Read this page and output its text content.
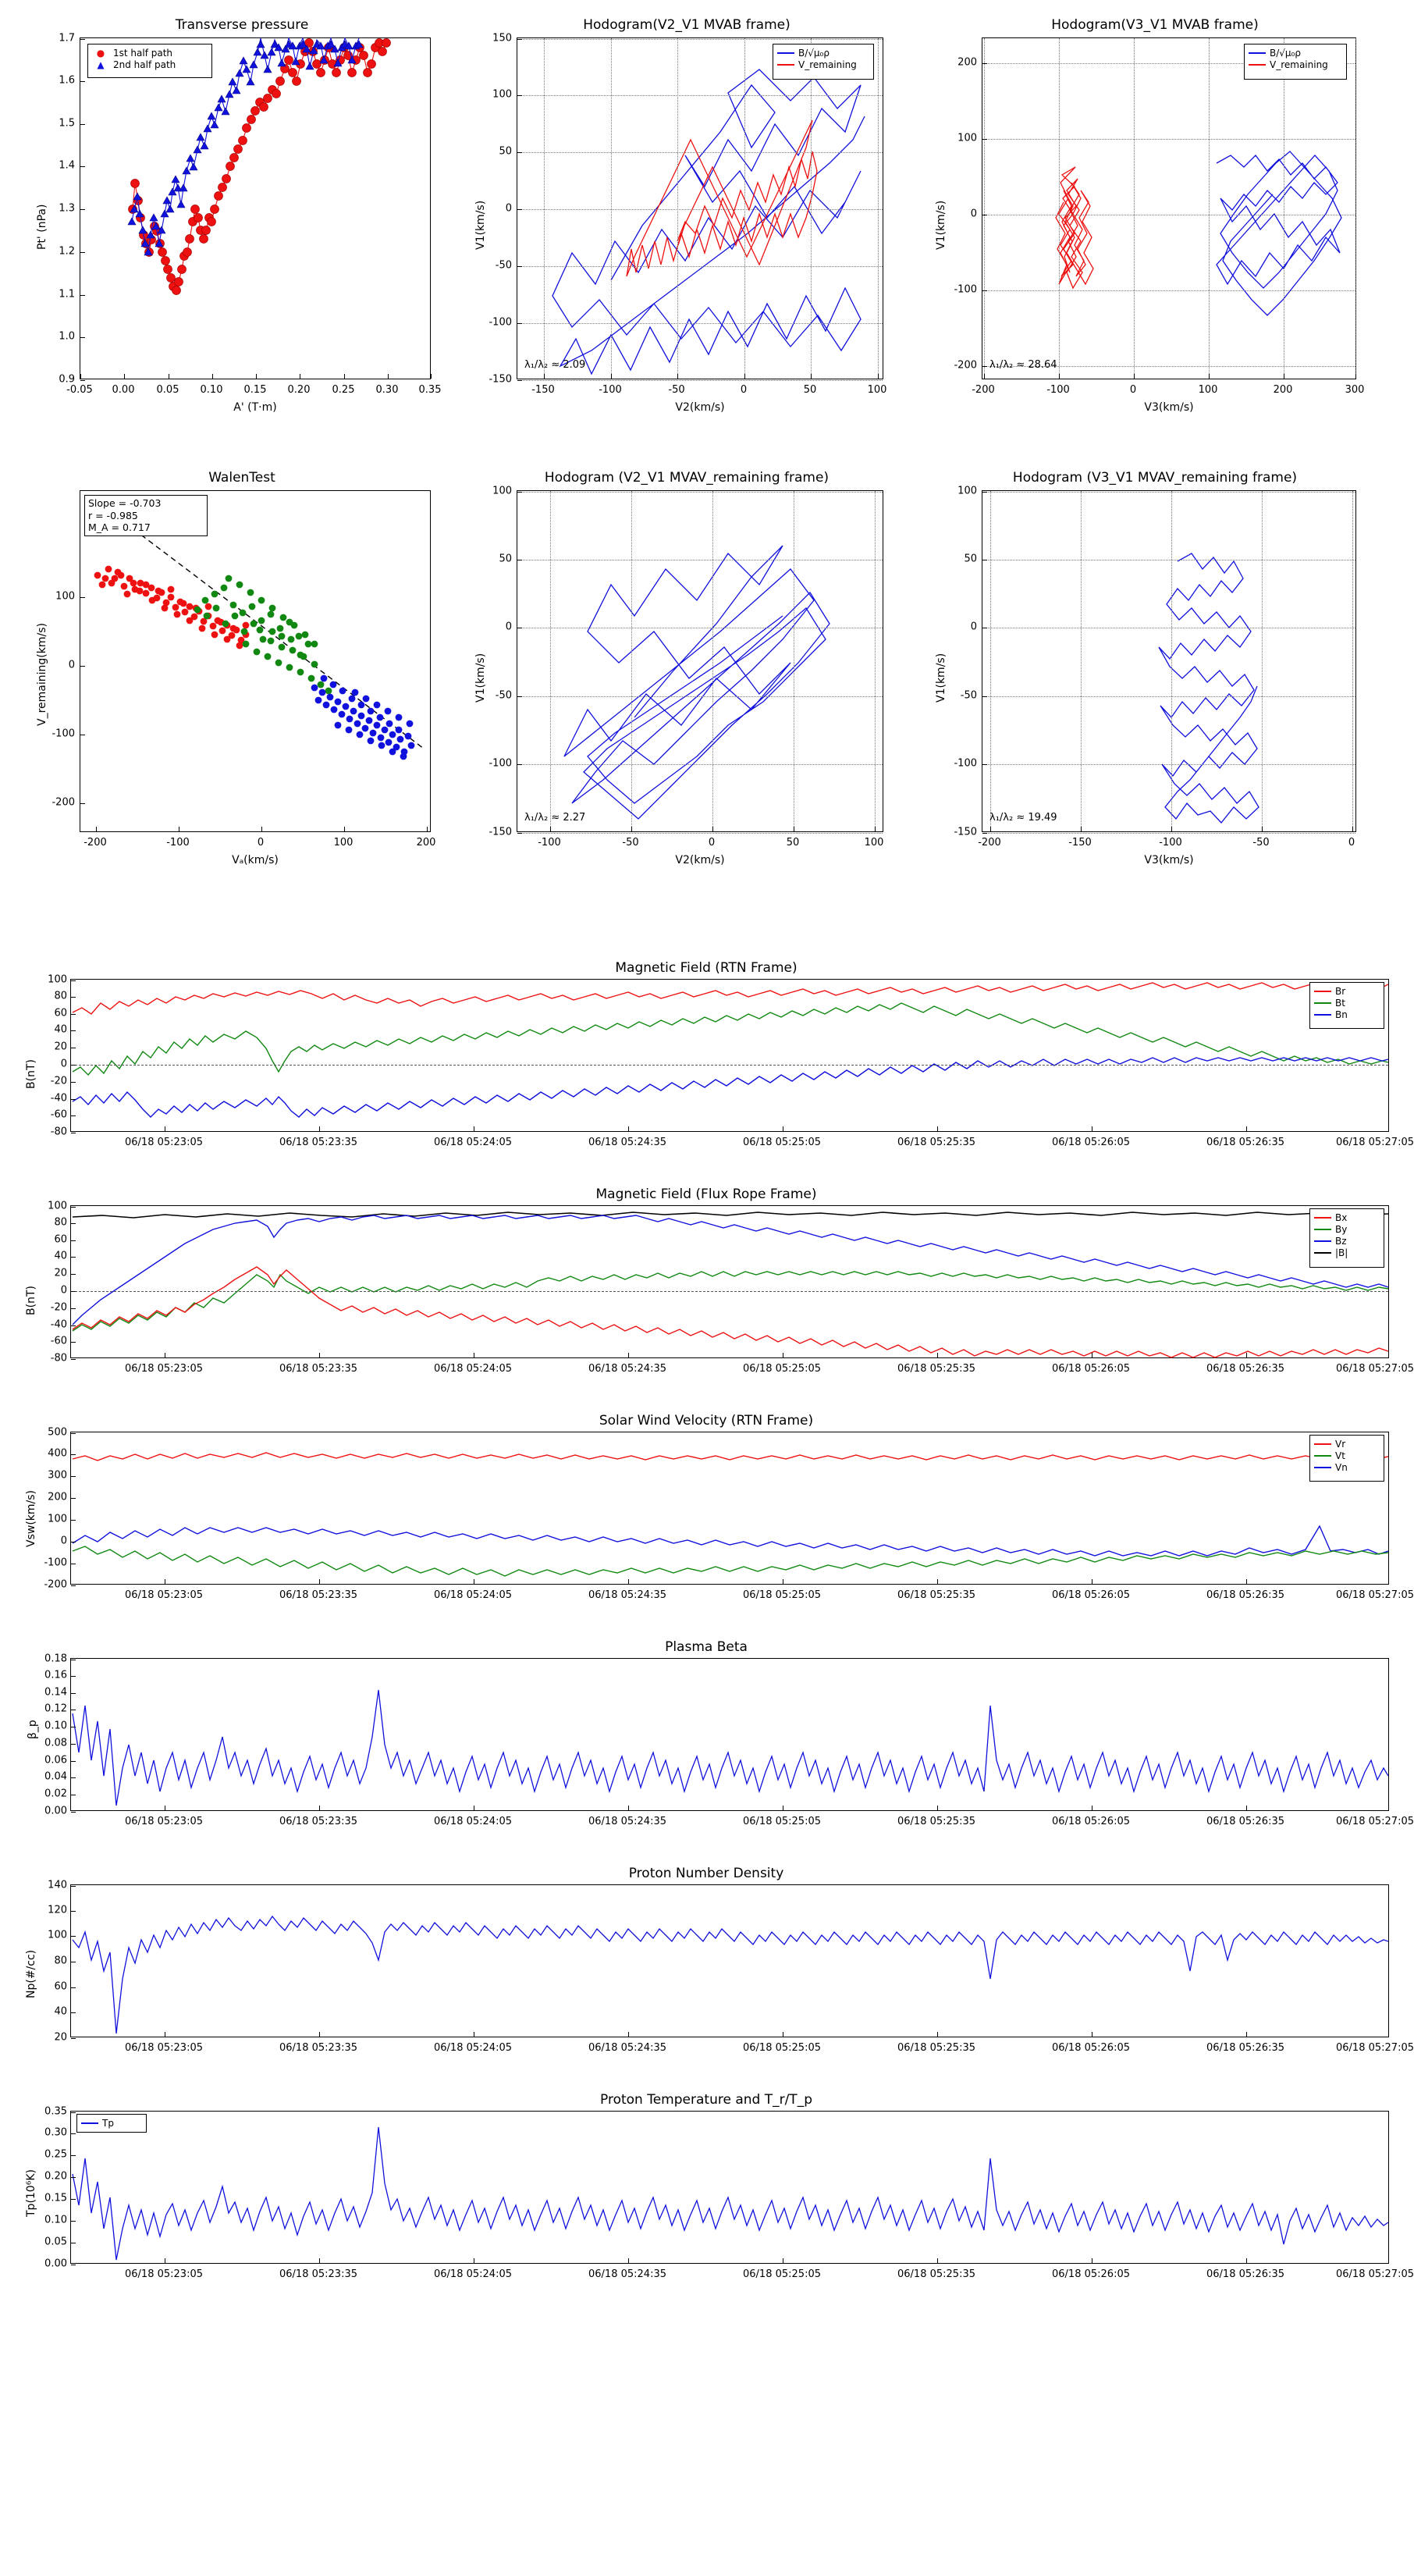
Transverse pressure
Pt' (nPa)
0.9
1.0
1.1
1.2
1.3
1.4
1.5
1.6
1.7
-0.05 0.00 0.05 0.10 0.15 0.20 0.25 0.30 0.35
A' (T·m)
● 1st half path
▲ 2nd half path
Hodogram(V2_V1 MVAB frame)
V1(km/s)
-150
-100
-50
0
50
100
150
-150	-100	-50	0	50	100
V2(km/s)
B/√μ₀ρ
V_remaining
λ₁/λ₂ ≈ 2.09
Hodogram(V3_V1 MVAB frame)
V1(km/s)
-200
-100
0
100
200
-200	-100	0	100	200	300
V3(km/s)
B/√μ₀ρ
V_remaining
λ₁/λ₂ ≈ 28.64
WalenTest
V_remaining(km/s)
-200
-100
0
100
-200	-100	0	100	200
Vₐ(km/s)
Slope = -0.703
r = -0.985
M_A = 0.717
Hodogram (V2_V1 MVAV_remaining frame)
V1(km/s)
-150
-100
-50
0
50
100
-100	-50	0	50	100
V2(km/s)
λ₁/λ₂ ≈ 2.27
Hodogram (V3_V1 MVAV_remaining frame)
V1(km/s)
-150
-100
-50
0
50
100
-200	-150	-100	-50	0
V3(km/s)
λ₁/λ₂ ≈ 19.49
Magnetic Field (RTN Frame)
B(nT)
-80
-60
-40
-20
0
20
40
60
80
100
06/18 05:23:05	06/18 05:23:35	06/18 05:24:05	06/18 05:24:35	06/18 05:25:05	06/18 05:25:35	06/18 05:26:05	06/18 05:26:35	06/18 05:27:05
Br
Bt
Bn
Magnetic Field (Flux Rope Frame)
B(nT)
-80
-60
-40
-20
0
20
40
60
80
100
06/18 05:23:05	06/18 05:23:35	06/18 05:24:05	06/18 05:24:35	06/18 05:25:05	06/18 05:25:35	06/18 05:26:05	06/18 05:26:35	06/18 05:27:05
Bx
By
Bz
|B|
Solar Wind Velocity (RTN Frame)
Vsw(km/s)
-200
-100
0
100
200
300
400
500
06/18 05:23:05	06/18 05:23:35	06/18 05:24:05	06/18 05:24:35	06/18 05:25:05	06/18 05:25:35	06/18 05:26:05	06/18 05:26:35	06/18 05:27:05
Vr
Vt
Vn
Plasma Beta
β_p
0.00
0.02
0.04
0.06
0.08
0.10
0.12
0.14
0.16
0.18
06/18 05:23:05	06/18 05:23:35	06/18 05:24:05	06/18 05:24:35	06/18 05:25:05	06/18 05:25:35	06/18 05:26:05	06/18 05:26:35	06/18 05:27:05
Proton Number Density
Np(#/cc)
20
40
60
80
100
120
140
06/18 05:23:05	06/18 05:23:35	06/18 05:24:05	06/18 05:24:35	06/18 05:25:05	06/18 05:25:35	06/18 05:26:05	06/18 05:26:35	06/18 05:27:05
Proton Temperature and T_r/T_p
Tp(10⁶K)
0.00
0.05
0.10
0.15
0.20
0.25
0.30
0.35
06/18 05:23:05	06/18 05:23:35	06/18 05:24:05	06/18 05:24:35	06/18 05:25:05	06/18 05:25:35	06/18 05:26:05	06/18 05:26:35	06/18 05:27:05
Tp
